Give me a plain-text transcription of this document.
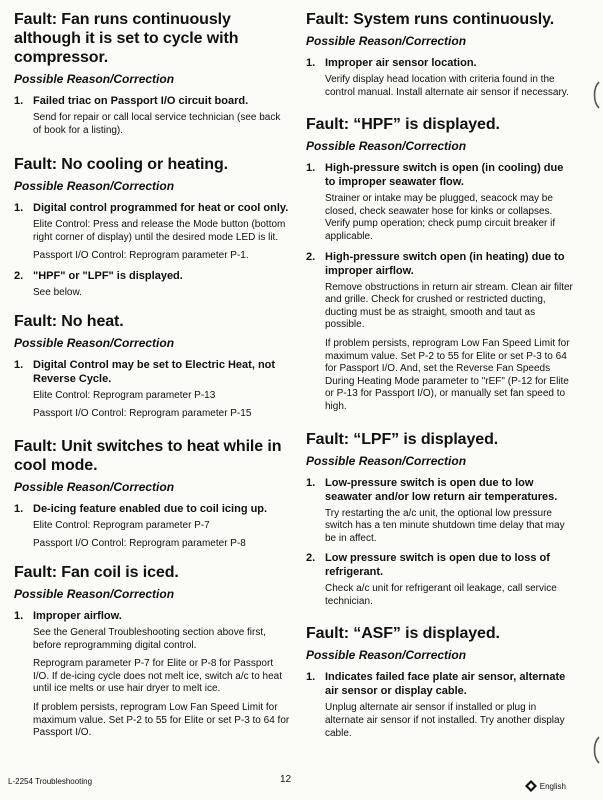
Fault: Fan runs continuously although it is set to cycle with compressor.
Possible Reason/Correction
1. Failed triac on Passport I/O circuit board.

Send for repair or call local service technician (see back of book for a listing).

Fault: No cooling or heating.
Possible Reason/Correction
1. Digital control programmed for heat or cool only.

Elite Control: Press and release the Mode button (bottom right corner of display) until the desired mode LED is lit.

Passport I/O Control: Reprogram parameter P-1.

2. "HPF" or "LPF" is displayed.

See below.

Fault: No heat.
Possible Reason/Correction
1. Digital Control may be set to Electric Heat, not Reverse Cycle.

Elite Control: Reprogram parameter P-13

Passport I/O Control: Reprogram parameter P-15

Fault: Unit switches to heat while in cool mode.
Possible Reason/Correction
1. De-icing feature enabled due to coil icing up.

Elite Control: Reprogram parameter P-7

Passport I/O Control: Reprogram parameter P-8

Fault: Fan coil is iced.
Possible Reason/Correction
1. Improper airflow.

See the General Troubleshooting section above first, before reprogramming digital control.

Reprogram parameter P-7 for Elite or P-8 for Passport I/O. If de-icing cycle does not melt ice, switch a/c to heat until ice melts or use hair dryer to melt ice.

If problem persists, reprogram Low Fan Speed Limit for maximum value. Set P-2 to 55 for Elite or set P-3 to 64 for Passport I/O.

Fault: System runs continuously.
Possible Reason/Correction
1. Improper air sensor location.

Verify display head location with criteria found in the control manual. Install alternate air sensor if necessary.

Fault: “HPF” is displayed.
Possible Reason/Correction
1. High-pressure switch is open (in cooling) due to improper seawater flow.

Strainer or intake may be plugged, seacock may be closed, check seawater hose for kinks or collapses. Verify pump operation; check pump circuit breaker if applicable.

2. High-pressure switch open (in heating) due to improper airflow.

Remove obstructions in return air stream. Clean air filter and grille. Check for crushed or restricted ducting, ducting must be as straight, smooth and taut as possible.

If problem persists, reprogram Low Fan Speed Limit for maximum value. Set P-2 to 55 for Elite or set P-3 to 64 for Passport I/O. And, set the Reverse Fan Speeds During Heating Mode parameter to "rEF" (P-12 for Elite or P-13 for Passport I/O), or manually set fan speed to high.

Fault: “LPF” is displayed.
Possible Reason/Correction
1. Low-pressure switch is open due to low seawater and/or low return air temperatures.

Try restarting the a/c unit, the optional low pressure switch has a ten minute shutdown time delay that may be in affect.

2. Low pressure switch is open due to loss of refrigerant.

Check a/c unit for refrigerant oil leakage, call service technician.

Fault: “ASF” is displayed.
Possible Reason/Correction
1. Indicates failed face plate air sensor, alternate air sensor or display cable.

Unplug alternate air sensor if installed or plug in alternate air sensor if not installed. Try another display cable.

L-2254 Troubleshooting	12
English
